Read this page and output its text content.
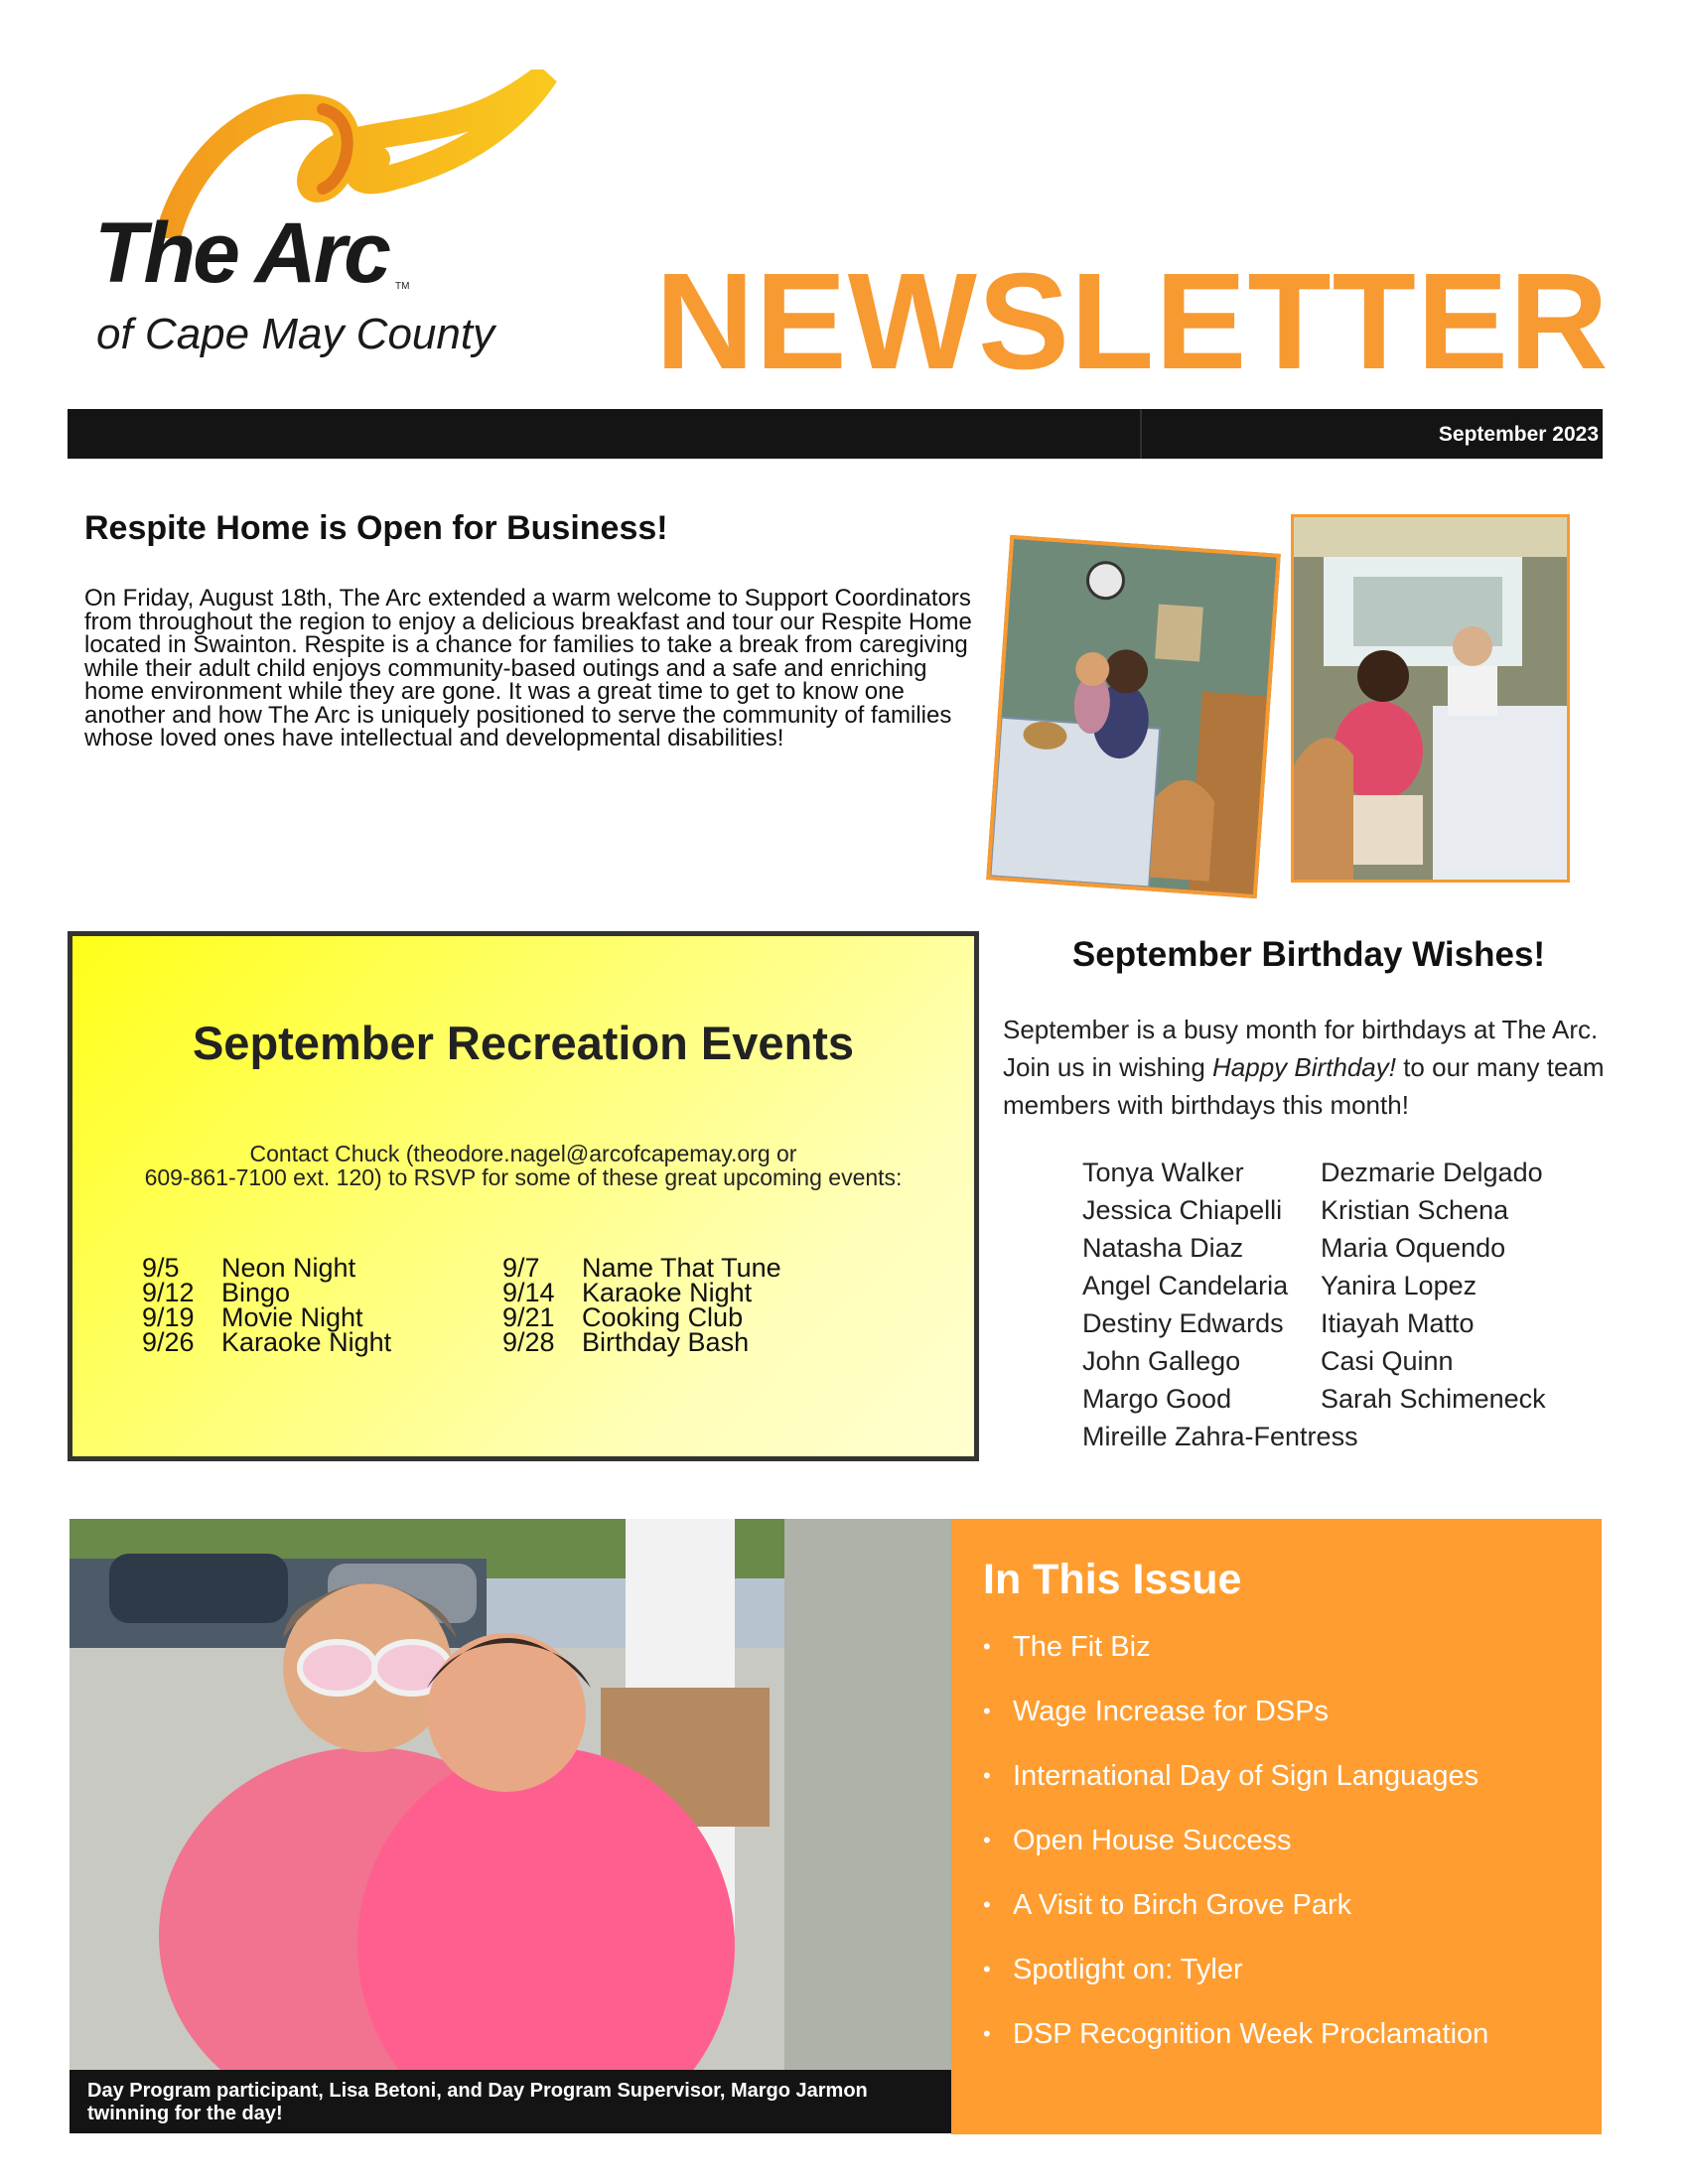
The Arc TM
of Cape May County NEWSLETTER
September 2023
Respite Home is Open for Business!
On Friday, August 18th, The Arc extended a warm welcome to Support Coordinators from throughout the region to enjoy a delicious breakfast and tour our Respite Home located in Swainton. Respite is a chance for families to take a break from caregiving while their adult child enjoys community-based outings and a safe and enriching home environment while they are gone. It was a great time to get to know one another and how The Arc is uniquely positioned to serve the community of families whose loved ones have intellectual and developmental disabilities!
September Recreation Events
Contact Chuck (theodore.nagel@arcofcapemay.org or
609-861-7100 ext. 120) to RSVP for some of these great upcoming events:
9/5	Neon Night
9/12	Bingo
9/19	Movie Night
9/26	Karaoke Night
9/7	Name That Tune
9/14	Karaoke Night
9/21	Cooking Club
9/28	Birthday Bash
September Birthday Wishes!
September is a busy month for birthdays at The Arc. Join us in wishing Happy Birthday! to our many team members with birthdays this month!
Tonya Walker
Jessica Chiapelli
Natasha Diaz
Angel Candelaria
Destiny Edwards
John Gallego
Margo Good
Mireille Zahra-Fentress
Dezmarie Delgado
Kristian Schena
Maria Oquendo
Yanira Lopez
Itiayah Matto
Casi Quinn
Sarah Schimeneck
Day Program participant, Lisa Betoni, and Day Program Supervisor, Margo Jarmon twinning for the day!
In This Issue
• The Fit Biz
• Wage Increase for DSPs
• International Day of Sign Languages
• Open House Success
• A Visit to Birch Grove Park
• Spotlight on: Tyler
• DSP Recognition Week Proclamation
